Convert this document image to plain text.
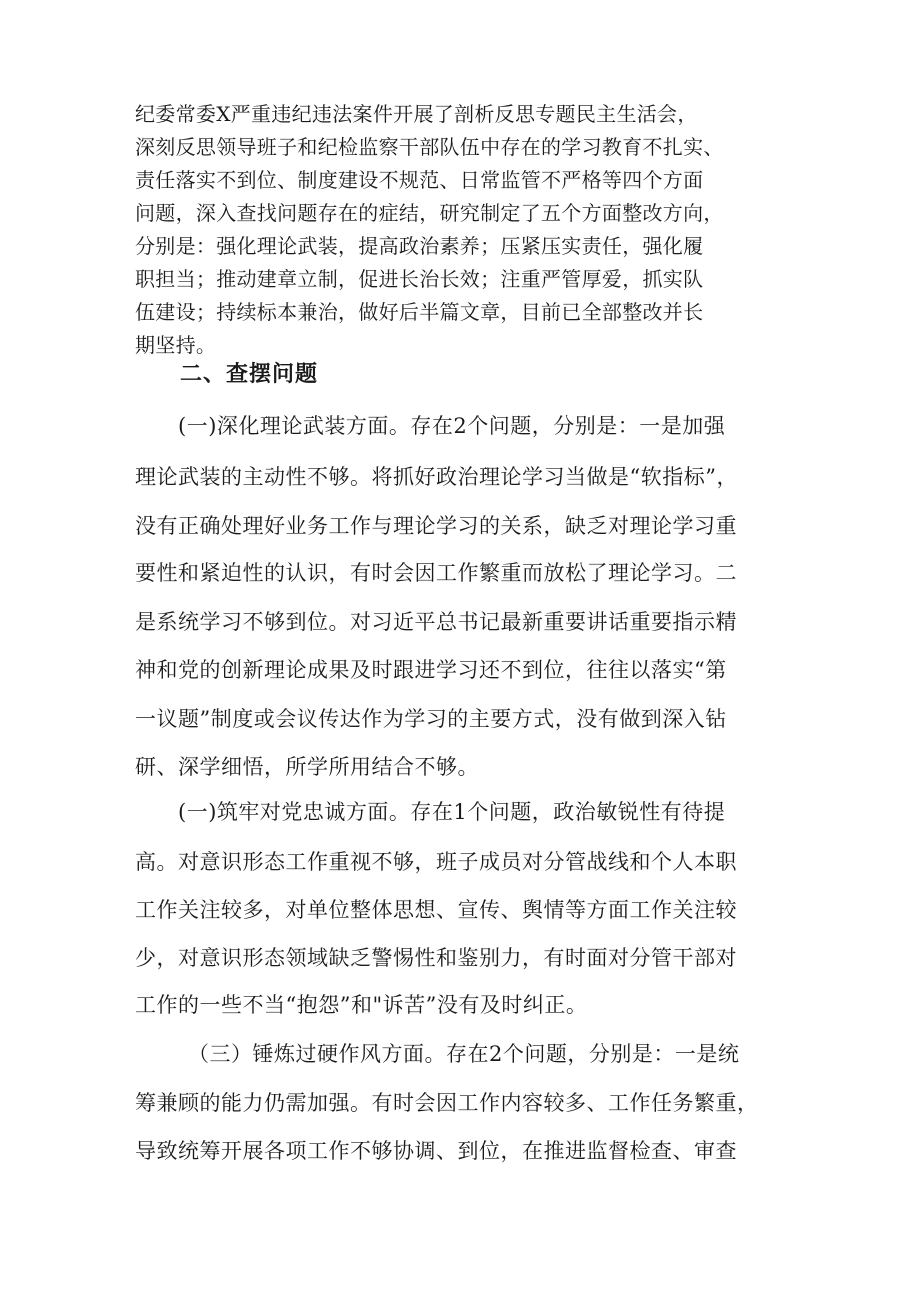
纪委常委X严重违纪违法案件开展了剖析反思专题民主生活会，
深刻反思领导班子和纪检监察干部队伍中存在的学习教育不扎实、
责任落实不到位、制度建设不规范、日常监管不严格等四个方面
问题，深入查找问题存在的症结，研究制定了五个方面整改方向，
分别是：强化理论武装，提高政治素养；压紧压实责任，强化履
职担当；推动建章立制，促进长治长效；注重严管厚爱，抓实队
伍建设；持续标本兼治，做好后半篇文章，目前已全部整改并长
期坚持。
二、查摆问题
(一)深化理论武装方面。存在2个问题，分别是：一是加强
理论武装的主动性不够。将抓好政治理论学习当做是“软指标”，
没有正确处理好业务工作与理论学习的关系，缺乏对理论学习重
要性和紧迫性的认识，有时会因工作繁重而放松了理论学习。二
是系统学习不够到位。对习近平总书记最新重要讲话重要指示精
神和党的创新理论成果及时跟进学习还不到位，往往以落实“第
一议题”制度或会议传达作为学习的主要方式，没有做到深入钻
研、深学细悟，所学所用结合不够。
(一)筑牢对党忠诚方面。存在1个问题，政治敏锐性有待提
高。对意识形态工作重视不够，班子成员对分管战线和个人本职
工作关注较多，对单位整体思想、宣传、舆情等方面工作关注较
少，对意识形态领域缺乏警惕性和鉴别力，有时面对分管干部对
工作的一些不当“抱怨”和"诉苦”没有及时纠正。
（三）锤炼过硬作风方面。存在2个问题，分别是：一是统
筹兼顾的能力仍需加强。有时会因工作内容较多、工作任务繁重，
导致统筹开展各项工作不够协调、到位，在推进监督检查、审查
